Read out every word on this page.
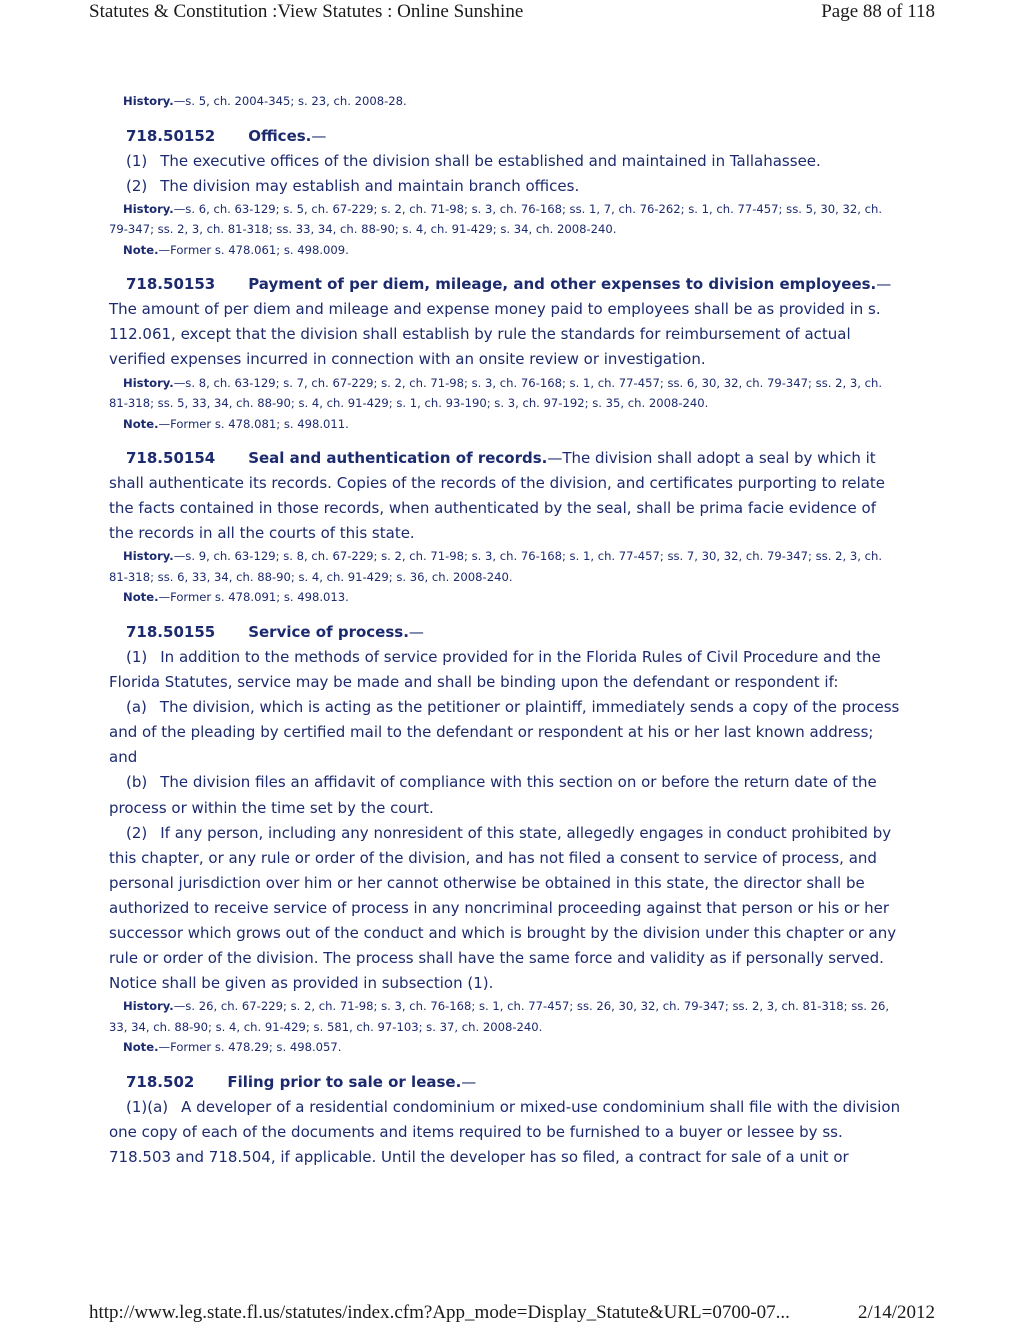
Statutes & Constitution :View Statutes : Online Sunshine	Page 88 of 118

History.—s. 5, ch. 2004-345; s. 23, ch. 2008-28.

718.50152 Offices.—

(1) The executive offices of the division shall be established and maintained in Tallahassee.

(2) The division may establish and maintain branch offices.

History.—s. 6, ch. 63-129; s. 5, ch. 67-229; s. 2, ch. 71-98; s. 3, ch. 76-168; ss. 1, 7, ch. 76-262; s. 1, ch. 77-457; ss. 5, 30, 32, ch. 79-347; ss. 2, 3, ch. 81-318; ss. 33, 34, ch. 88-90; s. 4, ch. 91-429; s. 34, ch. 2008-240.

Note.—Former s. 478.061; s. 498.009.

718.50153 Payment of per diem, mileage, and other expenses to division employees.—The amount of per diem and mileage and expense money paid to employees shall be as provided in s. 112.061, except that the division shall establish by rule the standards for reimbursement of actual verified expenses incurred in connection with an onsite review or investigation.

History.—s. 8, ch. 63-129; s. 7, ch. 67-229; s. 2, ch. 71-98; s. 3, ch. 76-168; s. 1, ch. 77-457; ss. 6, 30, 32, ch. 79-347; ss. 2, 3, ch. 81-318; ss. 5, 33, 34, ch. 88-90; s. 4, ch. 91-429; s. 1, ch. 93-190; s. 3, ch. 97-192; s. 35, ch. 2008-240.

Note.—Former s. 478.081; s. 498.011.

718.50154 Seal and authentication of records.—The division shall adopt a seal by which it shall authenticate its records. Copies of the records of the division, and certificates purporting to relate the facts contained in those records, when authenticated by the seal, shall be prima facie evidence of the records in all the courts of this state.

History.—s. 9, ch. 63-129; s. 8, ch. 67-229; s. 2, ch. 71-98; s. 3, ch. 76-168; s. 1, ch. 77-457; ss. 7, 30, 32, ch. 79-347; ss. 2, 3, ch. 81-318; ss. 6, 33, 34, ch. 88-90; s. 4, ch. 91-429; s. 36, ch. 2008-240.

Note.—Former s. 478.091; s. 498.013.

718.50155 Service of process.—

(1) In addition to the methods of service provided for in the Florida Rules of Civil Procedure and the Florida Statutes, service may be made and shall be binding upon the defendant or respondent if:

(a) The division, which is acting as the petitioner or plaintiff, immediately sends a copy of the process and of the pleading by certified mail to the defendant or respondent at his or her last known address; and

(b) The division files an affidavit of compliance with this section on or before the return date of the process or within the time set by the court.

(2) If any person, including any nonresident of this state, allegedly engages in conduct prohibited by this chapter, or any rule or order of the division, and has not filed a consent to service of process, and personal jurisdiction over him or her cannot otherwise be obtained in this state, the director shall be authorized to receive service of process in any noncriminal proceeding against that person or his or her successor which grows out of the conduct and which is brought by the division under this chapter or any rule or order of the division. The process shall have the same force and validity as if personally served. Notice shall be given as provided in subsection (1).

History.—s. 26, ch. 67-229; s. 2, ch. 71-98; s. 3, ch. 76-168; s. 1, ch. 77-457; ss. 26, 30, 32, ch. 79-347; ss. 2, 3, ch. 81-318; ss. 26, 33, 34, ch. 88-90; s. 4, ch. 91-429; s. 581, ch. 97-103; s. 37, ch. 2008-240.

Note.—Former s. 478.29; s. 498.057.

718.502 Filing prior to sale or lease.—

(1)(a) A developer of a residential condominium or mixed-use condominium shall file with the division one copy of each of the documents and items required to be furnished to a buyer or lessee by ss. 718.503 and 718.504, if applicable. Until the developer has so filed, a contract for sale of a unit or

http://www.leg.state.fl.us/statutes/index.cfm?App_mode=Display_Statute&URL=0700-07...	2/14/2012
